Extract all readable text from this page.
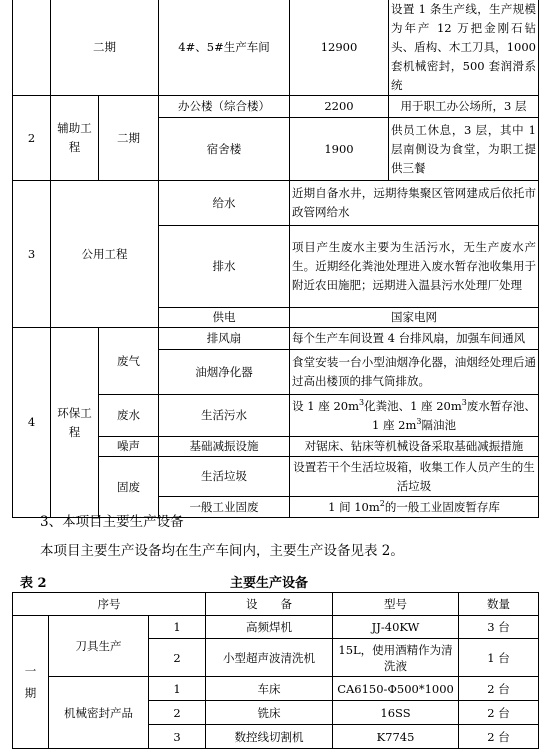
	二期		4#、5#生产车间	12900	设置 1 条生产线，生产规模为年产 12 万把金刚石钻头、盾构、木工刀具，1000 套机械密封，500 套润滑系统
2	辅助工程	二期	办公楼（综合楼）	2200	用于职工办公场所，3 层
			宿舍楼	1900	供员工休息，3 层，其中 1 层南侧设为食堂，为职工提供三餐
3	公用工程		给水	近期自备水井，远期待集聚区管网建成后依托市政管网给水	
			排水	项目产生废水主要为生活污水，无生产废水产生。近期经化粪池处理进入废水暂存池收集用于附近农田施肥；远期进入温县污水处理厂处理	
			供电	国家电网	
4	环保工程	废气	排风扇	每个生产车间设置 4 台排风扇，加强车间通风	
			油烟净化器	食堂安装一台小型油烟净化器，油烟经处理后通过高出楼顶的排气筒排放。	
		废水	生活污水	设 1 座 $20m^3$化粪池、1 座 $20m^3$废水暂存池、1 座 $2m^3$隔油池	
		噪声	基础减振设施	对锯床、钻床等机械设备采取基础减振措施	
		固废	生活垃圾	设置若干个生活垃圾箱，收集工作人员产生的生活垃圾	
			一般工业固废	1 间 $10m^2$的一般工业固废暂存库	
3、本项目主要生产设备
本项目主要生产设备均在生产车间内，主要生产设备见表 2。
表 2	主要生产设备
序号			设　　备	型号	数量
一期	刀具生产	1	高频焊机	JJ-40KW	3 台
		2	小型超声波清洗机	15L，使用酒精作为清洗液	1 台
	机械密封产品	1	车床	CA6150-Φ500*1000	2 台
		2	铣床	16SS	2 台
		3	数控线切割机	K7745	2 台
